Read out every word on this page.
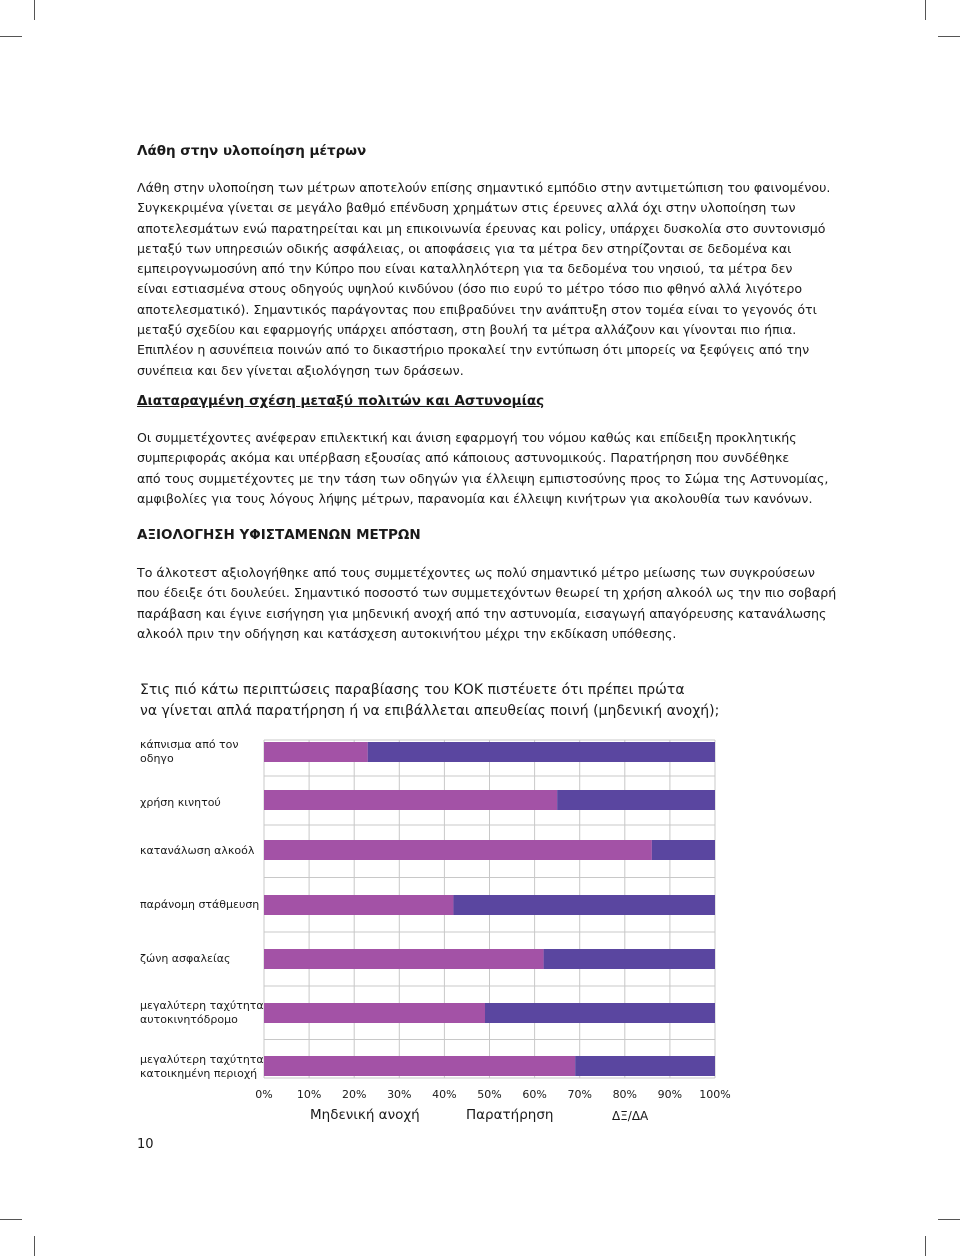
Λάθη στην υλοποίηση μέτρων
Λάθη στην υλοποίηση των μέτρων αποτελούν επίσης σημαντικό εμπόδιο στην αντιμετώπιση του φαινομένου.
Συγκεκριμένα γίνεται σε μεγάλο βαθμό επένδυση χρημάτων στις έρευνες αλλά όχι στην υλοποίηση των
αποτελεσμάτων ενώ παρατηρείται και μη επικοινωνία έρευνας και policy, υπάρχει δυσκολία στο συντονισμό
μεταξύ των υπηρεσιών οδικής ασφάλειας, οι αποφάσεις για τα μέτρα δεν στηρίζονται σε δεδομένα και
εμπειρογνωμοσύνη από την Κύπρο που είναι καταλληλότερη για τα δεδομένα του νησιού, τα μέτρα δεν
είναι εστιασμένα στους οδηγούς υψηλού κινδύνου (όσο πιο ευρύ το μέτρο τόσο πιο φθηνό αλλά λιγότερο
αποτελεσματικό). Σημαντικός παράγοντας που επιβραδύνει την ανάπτυξη στον τομέα είναι το γεγονός ότι
μεταξύ σχεδίου και εφαρμογής υπάρχει απόσταση, στη βουλή τα μέτρα αλλάζουν και γίνονται πιο ήπια.
Επιπλέον η ασυνέπεια ποινών από το δικαστήριο προκαλεί την εντύπωση ότι μπορείς να ξεφύγεις από την
συνέπεια και δεν γίνεται αξιολόγηση των δράσεων.
Διαταραγμένη σχέση μεταξύ πολιτών και Αστυνομίας
Οι συμμετέχοντες ανέφεραν επιλεκτική και άνιση εφαρμογή του νόμου καθώς και επίδειξη προκλητικής
συμπεριφοράς ακόμα και υπέρβαση εξουσίας από κάποιους αστυνομικούς. Παρατήρηση που συνδέθηκε
από τους συμμετέχοντες με την τάση των οδηγών για έλλειψη εμπιστοσύνης προς το Σώμα της Αστυνομίας,
αμφιβολίες για τους λόγους λήψης μέτρων, παρανομία και έλλειψη κινήτρων για ακολουθία των κανόνων.
ΑΞΙΟΛΟΓΗΣΗ ΥΦΙΣΤΑΜΕΝΩΝ ΜΕΤΡΩΝ
Το άλκοτεστ αξιολογήθηκε από τους συμμετέχοντες ως πολύ σημαντικό μέτρο μείωσης των συγκρούσεων
που έδειξε ότι δουλεύει. Σημαντικό ποσοστό των συμμετεχόντων θεωρεί τη χρήση αλκοόλ ως την πιο σοβαρή
παράβαση και έγινε εισήγηση για μηδενική ανοχή από την αστυνομία, εισαγωγή απαγόρευσης κατανάλωσης
αλκοόλ πριν την οδήγηση και κατάσχεση αυτοκινήτου μέχρι την εκδίκαση υπόθεσης.
Στις πιό κάτω περιπτώσεις παραβίασης του ΚΟΚ πιστέυετε ότι πρέπει πρώτα
να γίνεται απλά παρατήρηση ή να επιβάλλεται απευθείας ποινή (μηδενική ανοχή);
κάπνισμα από τον
οδηγο
χρήση κινητού
κατανάλωση αλκοόλ
παράνομη στάθμευση
ζώνη ασφαλείας
μεγαλύτερη ταχύτητα
αυτοκινητόδρομο
μεγαλύτερη ταχύτητα
κατοικημένη περιοχή
0% 10% 20% 30% 40% 50% 60% 70% 80% 90% 100%
Μηδενική ανοχή	Παρατήρηση	ΔΞ/ΔΑ
10
